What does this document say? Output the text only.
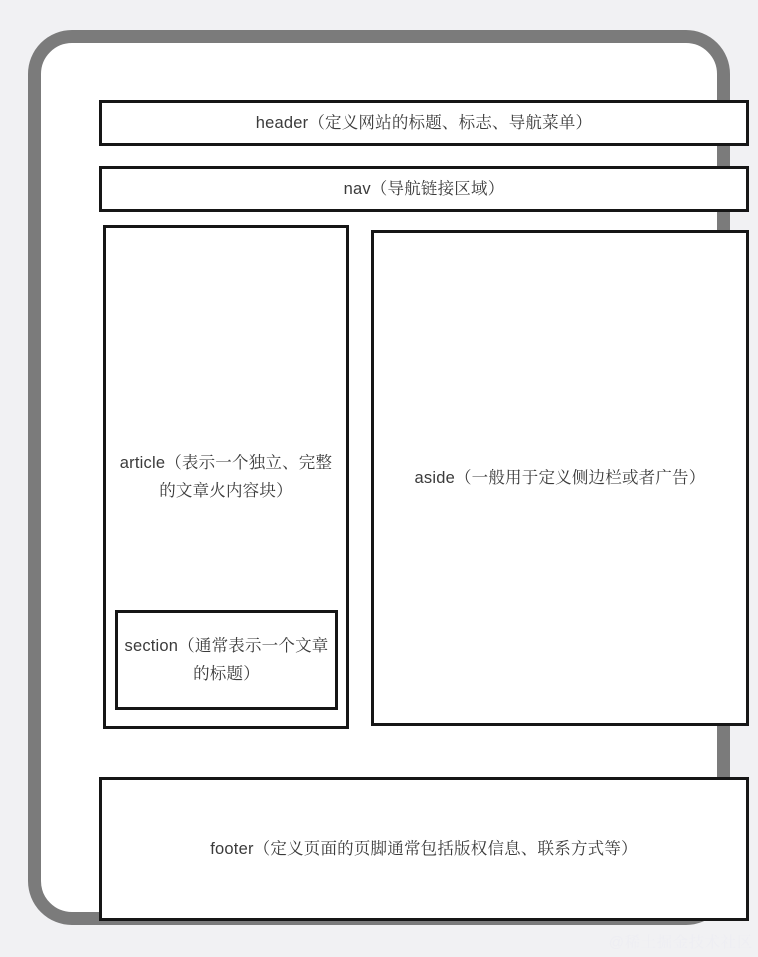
header（定义网站的标题、标志、导航菜单）
nav（导航链接区域）
article（表示一个独立、完整 的文章火内容块）
section（通常表示一个文章 的标题）
aside（一般用于定义侧边栏或者广告）
footer（定义页面的页脚通常包括版权信息、联系方式等）
@稀土掘金技术社区
